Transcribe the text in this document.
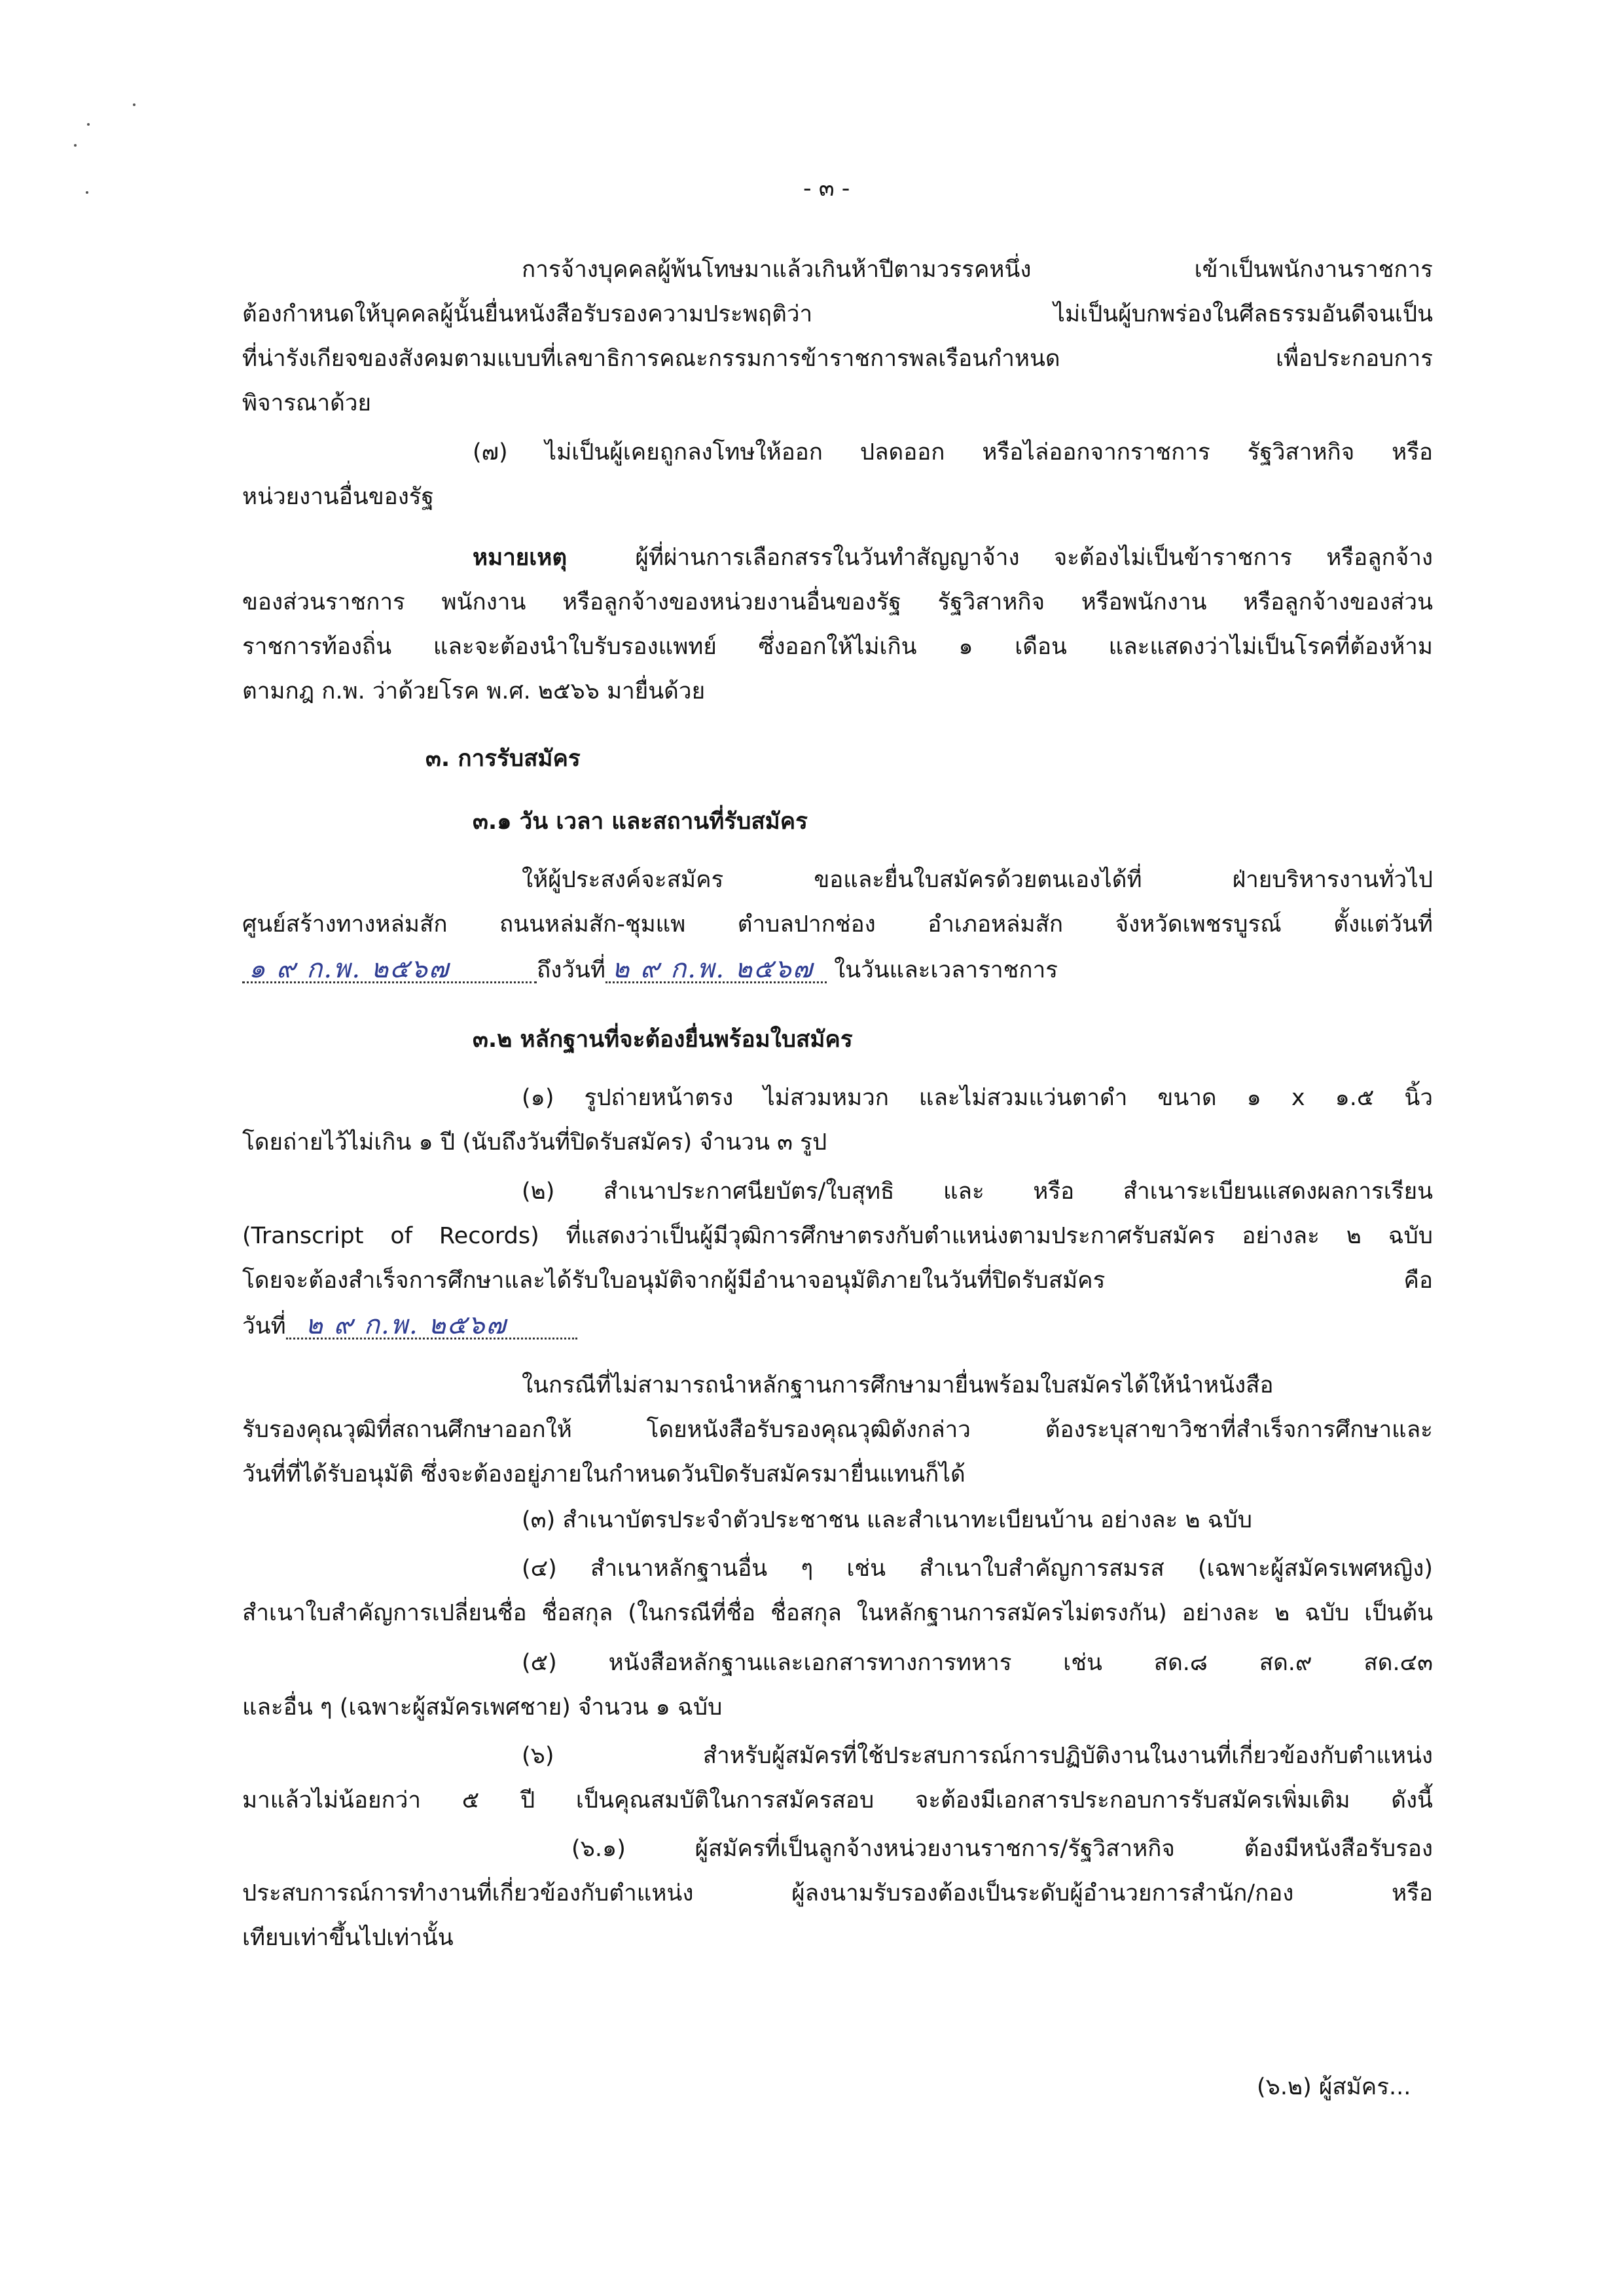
- ๓ -
การจ้างบุคคลผู้พ้นโทษมาแล้วเกินห้าปีตามวรรคหนึ่ง เข้าเป็นพนักงานราชการ
ต้องกำหนดให้บุคคลผู้นั้นยื่นหนังสือรับรองความประพฤติว่า ไม่เป็นผู้บกพร่องในศีลธรรมอันดีจนเป็น
ที่น่ารังเกียจของสังคมตามแบบที่เลขาธิการคณะกรรมการข้าราชการพลเรือนกำหนด เพื่อประกอบการ
พิจารณาด้วย
(๗) ไม่เป็นผู้เคยถูกลงโทษให้ออก ปลดออก หรือไล่ออกจากราชการ รัฐวิสาหกิจ หรือ
หน่วยงานอื่นของรัฐ
หมายเหตุ	ผู้ที่ผ่านการเลือกสรรในวันทำสัญญาจ้าง จะต้องไม่เป็นข้าราชการ หรือลูกจ้าง
ของส่วนราชการ พนักงาน หรือลูกจ้างของหน่วยงานอื่นของรัฐ รัฐวิสาหกิจ หรือพนักงาน หรือลูกจ้างของส่วน
ราชการท้องถิ่น และจะต้องนำใบรับรองแพทย์ ซึ่งออกให้ไม่เกิน ๑ เดือน และแสดงว่าไม่เป็นโรคที่ต้องห้าม
ตามกฎ ก.พ. ว่าด้วยโรค พ.ศ. ๒๕๖๖ มายื่นด้วย
๓. การรับสมัคร
๓.๑ วัน เวลา และสถานที่รับสมัคร
ให้ผู้ประสงค์จะสมัคร ขอและยื่นใบสมัครด้วยตนเองได้ที่ ฝ่ายบริหารงานทั่วไป
ศูนย์สร้างทางหล่มสัก ถนนหล่มสัก-ชุมแพ ตำบลปากช่อง อำเภอหล่มสัก จังหวัดเพชรบูรณ์ ตั้งแต่วันที่
๑ ๙ ก.พ. ๒๕๖๗	ถึงวันที่ ๒ ๙ ก.พ. ๒๕๖๗ ในวันและเวลาราชการ
๓.๒ หลักฐานที่จะต้องยื่นพร้อมใบสมัคร
(๑) รูปถ่ายหน้าตรง ไม่สวมหมวก และไม่สวมแว่นตาดำ ขนาด ๑ x ๑.๕ นิ้ว
โดยถ่ายไว้ไม่เกิน ๑ ปี (นับถึงวันที่ปิดรับสมัคร) จำนวน ๓ รูป
(๒) สำเนาประกาศนียบัตร/ใบสุทธิ และ หรือ สำเนาระเบียนแสดงผลการเรียน
(Transcript of Records) ที่แสดงว่าเป็นผู้มีวุฒิการศึกษาตรงกับตำแหน่งตามประกาศรับสมัคร อย่างละ ๒ ฉบับ
โดยจะต้องสำเร็จการศึกษาและได้รับใบอนุมัติจากผู้มีอำนาจอนุมัติภายในวันที่ปิดรับสมัคร คือ
วันที่ ๒ ๙ ก.พ. ๒๕๖๗
ในกรณีที่ไม่สามารถนำหลักฐานการศึกษามายื่นพร้อมใบสมัครได้ให้นำหนังสือ
รับรองคุณวุฒิที่สถานศึกษาออกให้ โดยหนังสือรับรองคุณวุฒิดังกล่าว ต้องระบุสาขาวิชาที่สำเร็จการศึกษาและ
วันที่ที่ได้รับอนุมัติ ซึ่งจะต้องอยู่ภายในกำหนดวันปิดรับสมัครมายื่นแทนก็ได้
(๓) สำเนาบัตรประจำตัวประชาชน และสำเนาทะเบียนบ้าน อย่างละ ๒ ฉบับ
(๔) สำเนาหลักฐานอื่น ๆ เช่น สำเนาใบสำคัญการสมรส (เฉพาะผู้สมัครเพศหญิง)
สำเนาใบสำคัญการเปลี่ยนชื่อ ชื่อสกุล (ในกรณีที่ชื่อ ชื่อสกุล ในหลักฐานการสมัครไม่ตรงกัน) อย่างละ ๒ ฉบับ เป็นต้น
(๕) หนังสือหลักฐานและเอกสารทางการทหาร เช่น สด.๘ สด.๙ สด.๔๓
และอื่น ๆ (เฉพาะผู้สมัครเพศชาย) จำนวน ๑ ฉบับ
(๖) สำหรับผู้สมัครที่ใช้ประสบการณ์การปฏิบัติงานในงานที่เกี่ยวข้องกับตำแหน่ง
มาแล้วไม่น้อยกว่า ๕ ปี เป็นคุณสมบัติในการสมัครสอบ จะต้องมีเอกสารประกอบการรับสมัครเพิ่มเติม ดังนี้
(๖.๑) ผู้สมัครที่เป็นลูกจ้างหน่วยงานราชการ/รัฐวิสาหกิจ ต้องมีหนังสือรับรอง
ประสบการณ์การทำงานที่เกี่ยวข้องกับตำแหน่ง ผู้ลงนามรับรองต้องเป็นระดับผู้อำนวยการสำนัก/กอง หรือ
เทียบเท่าขึ้นไปเท่านั้น
(๖.๒) ผู้สมัคร...
